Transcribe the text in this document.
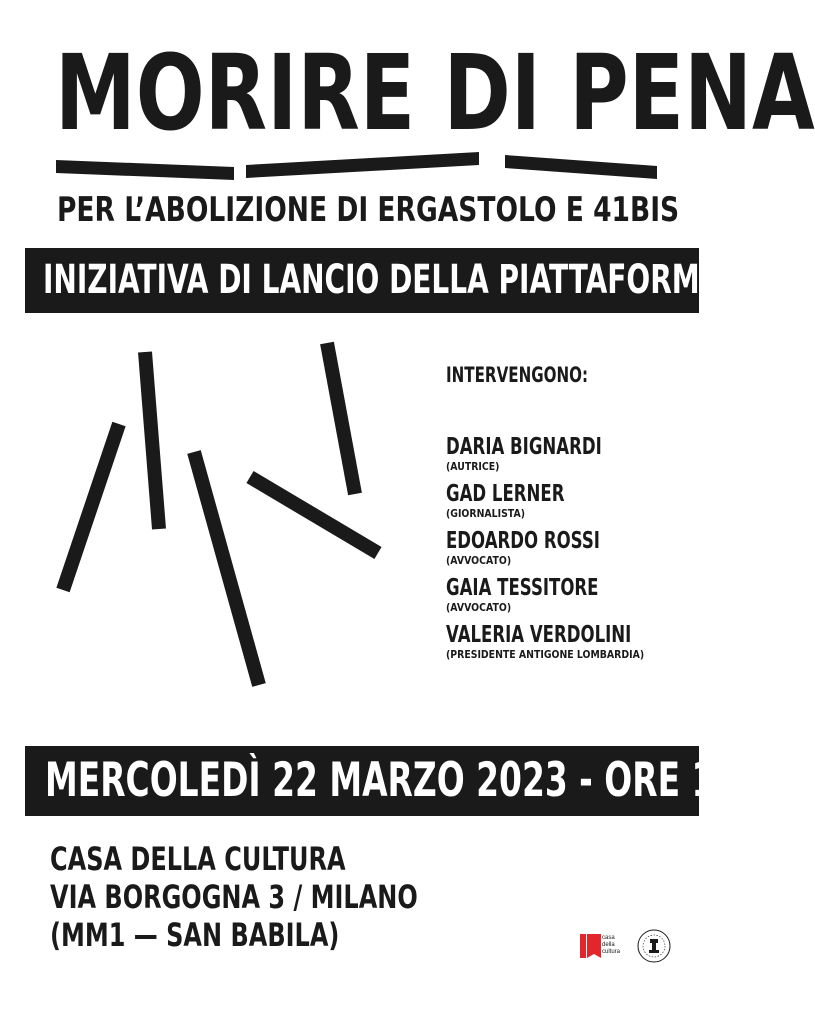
MORIRE DI PENA
PER L’ABOLIZIONE DI ERGASTOLO E 41BIS
INIZIATIVA DI LANCIO DELLA PIATTAFORMA
INTERVENGONO:
DARIA BIGNARDI
(AUTRICE)
GAD LERNER
(GIORNALISTA)
EDOARDO ROSSI
(AVVOCATO)
GAIA TESSITORE
(AVVOCATO)
VALERIA VERDOLINI
(PRESIDENTE ANTIGONE LOMBARDIA)
MERCOLEDÌ 22 MARZO 2023 - ORE 18:00
CASA DELLA CULTURA
VIA BORGOGNA 3 / MILANO
(MM1 — SAN BABILA)	casa
della
cultura
